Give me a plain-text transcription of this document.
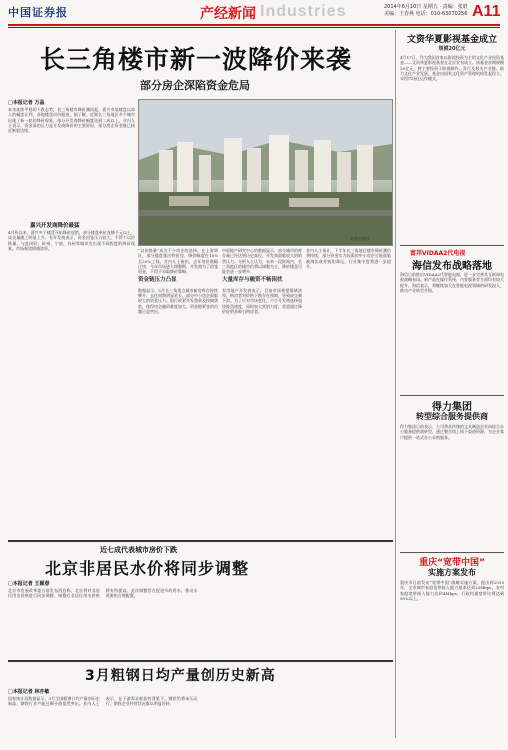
中国证券报	产经新闻 Industries	2014年6月10日 星期五 · 责编：张晗 美编：王春燕 电话：010-63070256 A11
长三角楼市新一波降价来袭
部分房企深陷资金危局
□本报记者 万晶
本来连续平稳的下跌态势，长三角楼市降价潮再起，嘉兴市某楼盘以惊人的幅度让利，各地楼盘纷纷跟进，据了解，近期长三角地区多个城市出现了新一轮的降价现象，部分开发商降价幅度达到二成以上。业内人士表示，资金面的压力是开发商降价的主要原因，部分房企资金链已接近断裂边缘。
嘉兴开发商降价最猛
4月份以来，嘉兴多个楼盘开始降价促销，部分楼盘单价直降千元以上，成交量随之明显上升。有开发商表示，资金回笼压力较大，不得不以价换量。与此同时，杭州、宁波、苏州等城市也出现不同程度的降价现象，市场观望情绪浓厚。
新华社图片
“以价换量”成为不少房企的选择。在上海郊区，部分楼盘推出特价房，降价幅度在10%至20%之间。业内人士指出，去年房价涨幅过快，今年市场进入调整期，开发商为了回笼资金，不得不采取降价策略。
资金链压力凸显
数据显示，5月长三角重点城市新房库存持续攀升，去化周期明显延长，部分中小房企面临较大的资金压力。银行收紧开发贷款及按揭贷款，使得房企融资难度加大，资金链紧张的问题日益突出。
中原地产研究中心的数据显示，部分城市的库存量已经达到历史高位，开发商面临较大的销售压力。分析人士认为，未来一段时间内，长三角地区的楼市仍将以调整为主，降价楼盘可能会进一步增多。
大量库存与融资不畅困扰
有房地产开发商表示，目前市场观望情绪浓厚，购房者对价格下跌存在预期，导致成交量下滑。为了应对市场变化，不少开发商选择加快推盘速度，同时加大营销力度，希望通过降价促销来吸引购房者。
业内人士预计，下半年长三角地区楼市降价潮仍将持续，部分资金实力较弱的中小房企可能面临被淘汰或并购的命运，行业集中度将进一步提升。
文资华夏影视基金成立
规模20亿元
4月17日，作为我国首家以影视投资为主的文化产业投资基金——文资华夏影视基金在北京宣布成立。该基金首期规模20亿元，将主要投资于影视制作、发行及相关产业链，助力文化产业发展。基金由国有文化资产管理机构发起设立，采用市场化运作模式。
富邦VIDAA2代电视
海信发布战略落地
海信日前推出VIDAA2代智能电视，进一步完善其互联网电视战略布局。新产品在操作系统、内容服务等方面均有较大提升，海信表示，将继续加大在智能电视领域的研发投入，推动产业转型升级。
得力集团
转型综合服务提供商
得力集团日前表示，公司将从传统的文具制造企业向综合办公服务提供商转型，通过整合线上线下渠道资源，为企业客户提供一站式办公采购服务。
重庆“宽带中国”
实施方案发布
重庆市日前发布“宽带中国”战略实施方案，提出到2015年，全市城市家庭宽带接入能力基本达到20Mbps，农村家庭宽带接入能力达到4Mbps，行政村通宽带比例达到95%以上。
近七成代表城市房价下跌
北京非居民水价将同步调整
□本报记者 王颖春
北京市发展改革委日前发布消息称，北京将对非居民用水价格进行同步调整，调整后非居民用水价格将有所提高。此次调整旨在促进节约用水，推动水资源的合理配置。
3月粗钢日均产量创历史新高
□本报记者 林亦敏
国家统计局数据显示，3月全国粗钢日均产量创历史新高，钢铁行业产能过剩矛盾依然突出。业内人士表示，在下游需求疲软的背景下，钢价仍将承压运行，钢铁企业经营状况难以明显好转。
